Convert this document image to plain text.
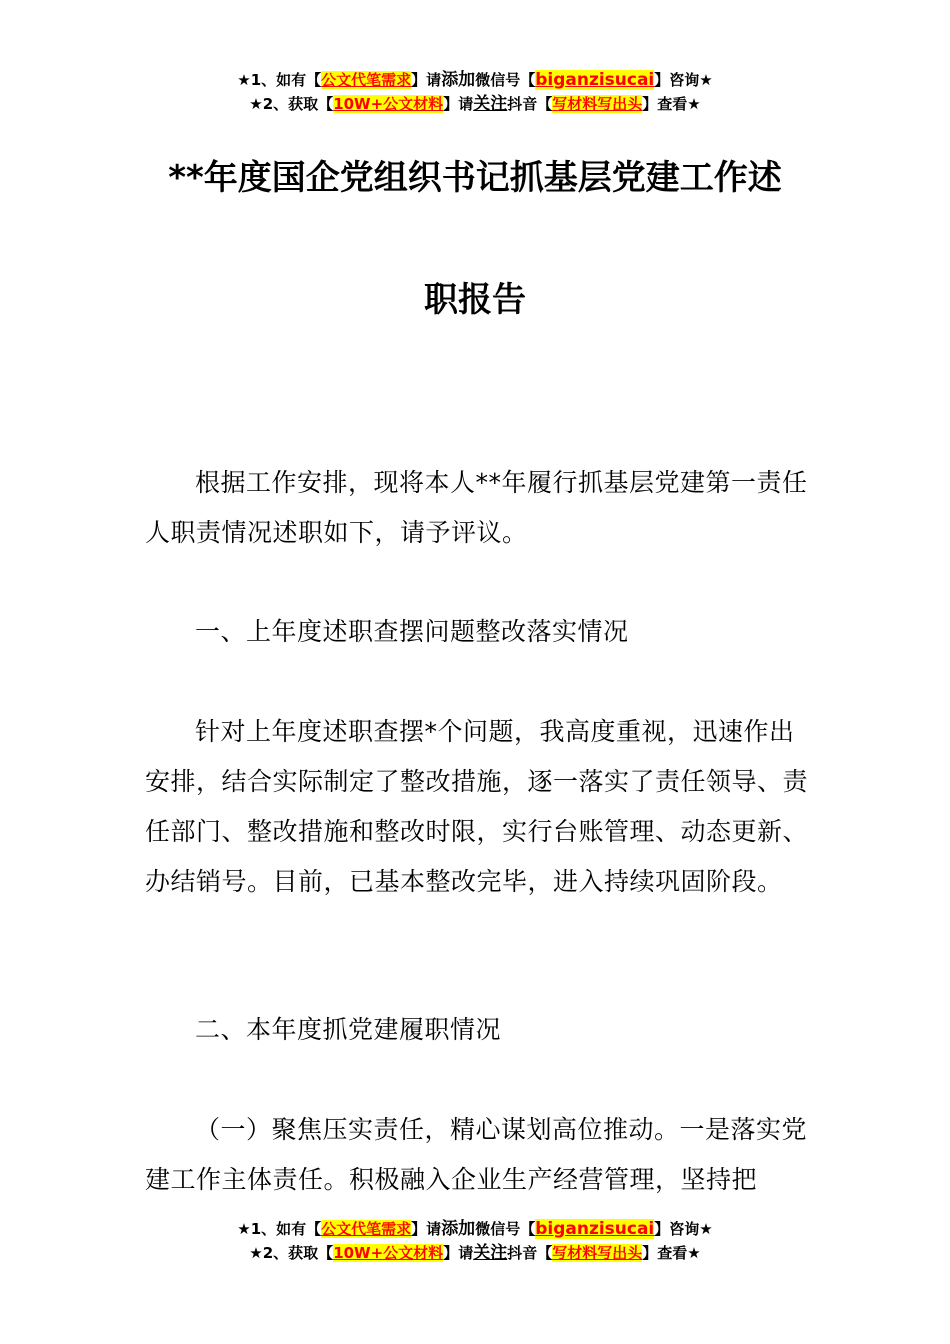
★1、如有【公文代笔需求】请添加微信号【biganzisucai】咨询★
★2、获取【10W+公文材料】请关注抖音【写材料写出头】查看★
**年度国企党组织书记抓基层党建工作述
职报告
根据工作安排，现将本人**年履行抓基层党建第一责任人职责情况述职如下，请予评议。
一、上年度述职查摆问题整改落实情况
针对上年度述职查摆*个问题，我高度重视，迅速作出安排，结合实际制定了整改措施，逐一落实了责任领导、责任部门、整改措施和整改时限，实行台账管理、动态更新、办结销号。目前，已基本整改完毕，进入持续巩固阶段。
二、本年度抓党建履职情况
（一）聚焦压实责任，精心谋划高位推动。一是落实党建工作主体责任。积极融入企业生产经营管理，坚持把
★1、如有【公文代笔需求】请添加微信号【biganzisucai】咨询★
★2、获取【10W+公文材料】请关注抖音【写材料写出头】查看★
